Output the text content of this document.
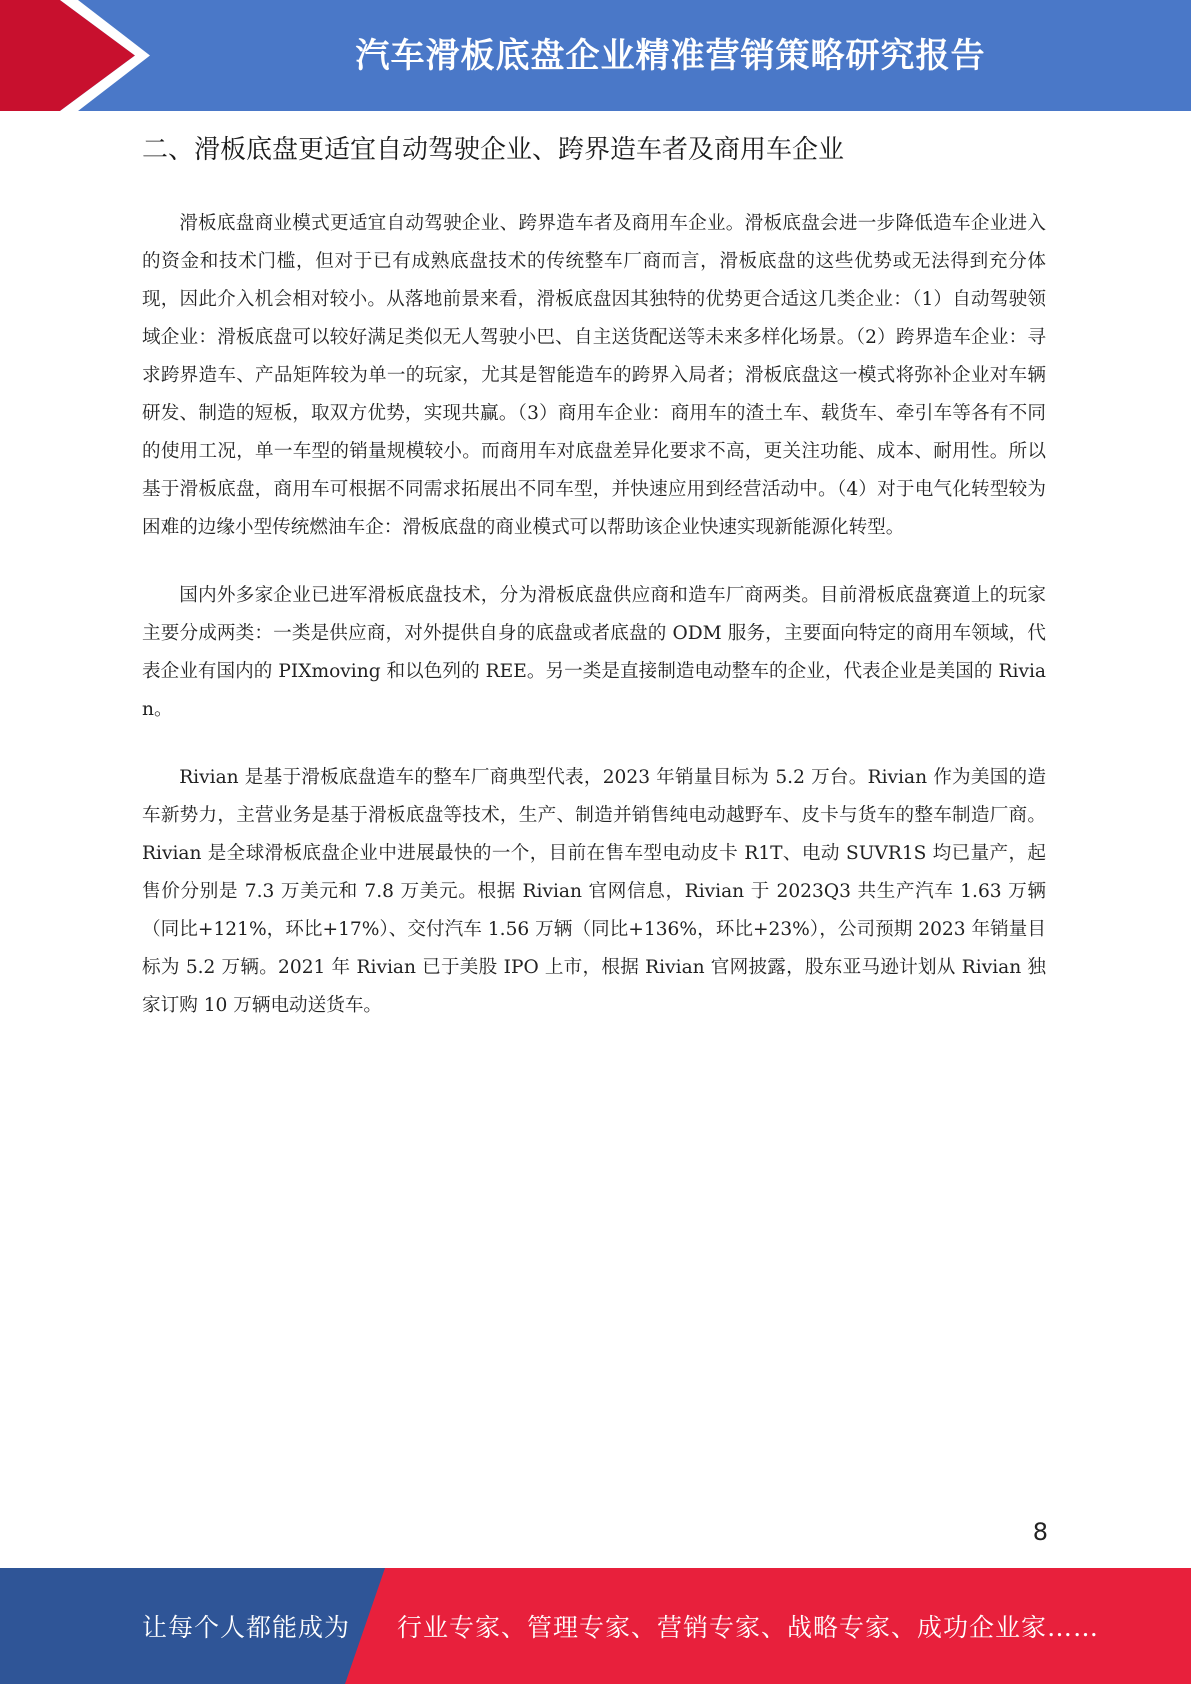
汽车滑板底盘企业精准营销策略研究报告
二、滑板底盘更适宜自动驾驶企业、跨界造车者及商用车企业

滑板底盘商业模式更适宜自动驾驶企业、跨界造车者及商用车企业。滑板底盘会进一步降低造车企业进入的资金和技术门槛，但对于已有成熟底盘技术的传统整车厂商而言，滑板底盘的这些优势或无法得到充分体现，因此介入机会相对较小。从落地前景来看，滑板底盘因其独特的优势更合适这几类企业：（1）自动驾驶领域企业：滑板底盘可以较好满足类似无人驾驶小巴、自主送货配送等未来多样化场景。（2）跨界造车企业：寻求跨界造车、产品矩阵较为单一的玩家，尤其是智能造车的跨界入局者；滑板底盘这一模式将弥补企业对车辆研发、制造的短板，取双方优势，实现共赢。（3）商用车企业：商用车的渣土车、载货车、牵引车等各有不同的使用工况，单一车型的销量规模较小。而商用车对底盘差异化要求不高，更关注功能、成本、耐用性。所以基于滑板底盘，商用车可根据不同需求拓展出不同车型，并快速应用到经营活动中。（4）对于电气化转型较为困难的边缘小型传统燃油车企：滑板底盘的商业模式可以帮助该企业快速实现新能源化转型。

国内外多家企业已进军滑板底盘技术，分为滑板底盘供应商和造车厂商两类。目前滑板底盘赛道上的玩家主要分成两类：一类是供应商，对外提供自身的底盘或者底盘的 ODM 服务，主要面向特定的商用车领域，代表企业有国内的 PIXmoving 和以色列的 REE。另一类是直接制造电动整车的企业，代表企业是美国的 Rivian。

Rivian 是基于滑板底盘造车的整车厂商典型代表，2023 年销量目标为 5.2 万台。Rivian 作为美国的造车新势力，主营业务是基于滑板底盘等技术，生产、制造并销售纯电动越野车、皮卡与货车的整车制造厂商。Rivian 是全球滑板底盘企业中进展最快的一个，目前在售车型电动皮卡 R1T、电动 SUVR1S 均已量产，起售价分别是 7.3 万美元和 7.8 万美元。根据 Rivian 官网信息，Rivian 于 2023Q3 共生产汽车 1.63 万辆（同比+121%，环比+17%）、交付汽车 1.56 万辆（同比+136%，环比+23%），公司预期 2023 年销量目标为 5.2 万辆。2021 年 Rivian 已于美股 IPO 上市，根据 Rivian 官网披露，股东亚马逊计划从 Rivian 独家订购 10 万辆电动送货车。

8
让每个人都能成为 行业专家、管理专家、营销专家、战略专家、成功企业家……
